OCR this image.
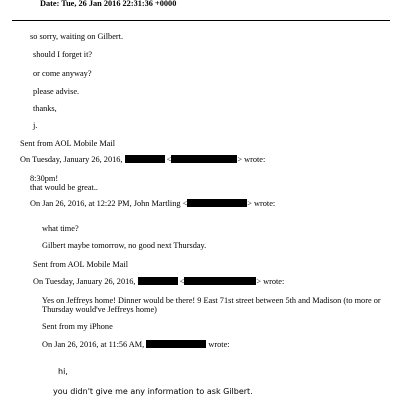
Date: Tue, 26 Jan 2016 22:31:36 +0000
so sorry, waiting on Gilbert.
should I forget it?
or come anyway?
please advise.
thanks,
j.
Sent from AOL Mobile Mail
On Tuesday, January 26, 2016,	<	> wrote:
8:30pm!
that would be great..
On Jan 26, 2016, at 12:22 PM, John Martling <	> wrote:
what time?
Gilbert maybe tomorrow, no good next Thursday.
Sent from AOL Mobile Mail
On Tuesday, January 26, 2016,	<	> wrote:
Yes on Jeffreys home! Dinner would be there! 9 East 71st street between 5th and Madison (to more or
Thursday would've Jeffreys home)
Sent from my iPhone
On Jan 26, 2016, at 11:56 AM,	wrote:
hi,
you didn't give me any information to ask Gilbert.
